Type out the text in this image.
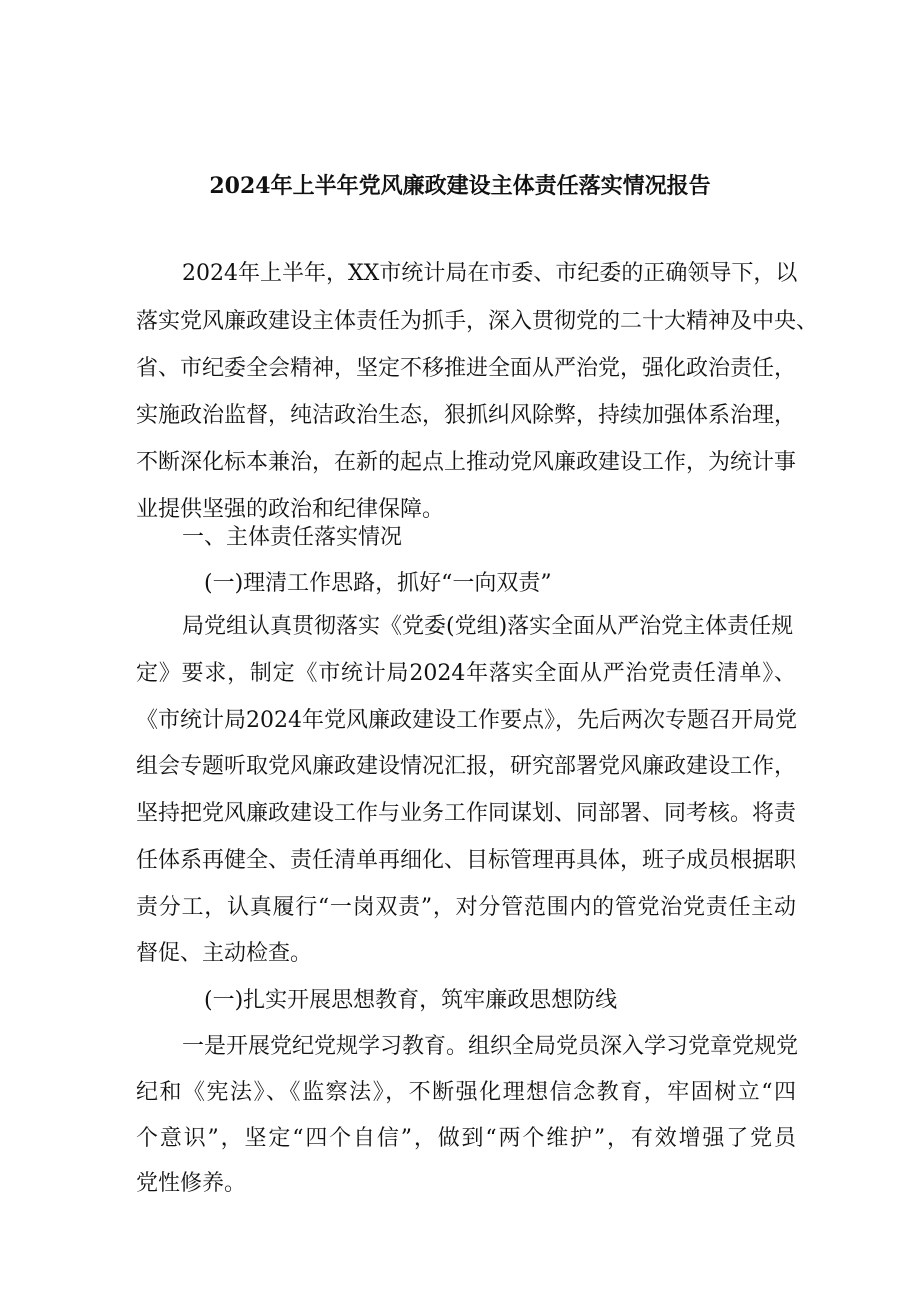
2024年上半年党风廉政建设主体责任落实情况报告
2024年上半年，XX市统计局在市委、市纪委的正确领导下，以
落实党风廉政建设主体责任为抓手，深入贯彻党的二十大精神及中央、
省、市纪委全会精神，坚定不移推进全面从严治党，强化政治责任，
实施政治监督，纯洁政治生态，狠抓纠风除弊，持续加强体系治理，
不断深化标本兼治，在新的起点上推动党风廉政建设工作，为统计事
业提供坚强的政治和纪律保障。
一、主体责任落实情况
(一)理清工作思路，抓好“一向双责”
局党组认真贯彻落实《党委(党组)落实全面从严治党主体责任规
定》要求，制定《市统计局2024年落实全面从严治党责任清单》、
《市统计局2024年党风廉政建设工作要点》，先后两次专题召开局党
组会专题听取党风廉政建设情况汇报，研究部署党风廉政建设工作，
坚持把党风廉政建设工作与业务工作同谋划、同部署、同考核。将责
任体系再健全、责任清单再细化、目标管理再具体，班子成员根据职
责分工，认真履行“一岗双责”，对分管范围内的管党治党责任主动
督促、主动检查。
(一)扎实开展思想教育，筑牢廉政思想防线
一是开展党纪党规学习教育。组织全局党员深入学习党章党规党
纪和《宪法》、《监察法》，不断强化理想信念教育，牢固树立“四
个意识”，坚定“四个自信”，做到“两个维护”，有效增强了党员
党性修养。
